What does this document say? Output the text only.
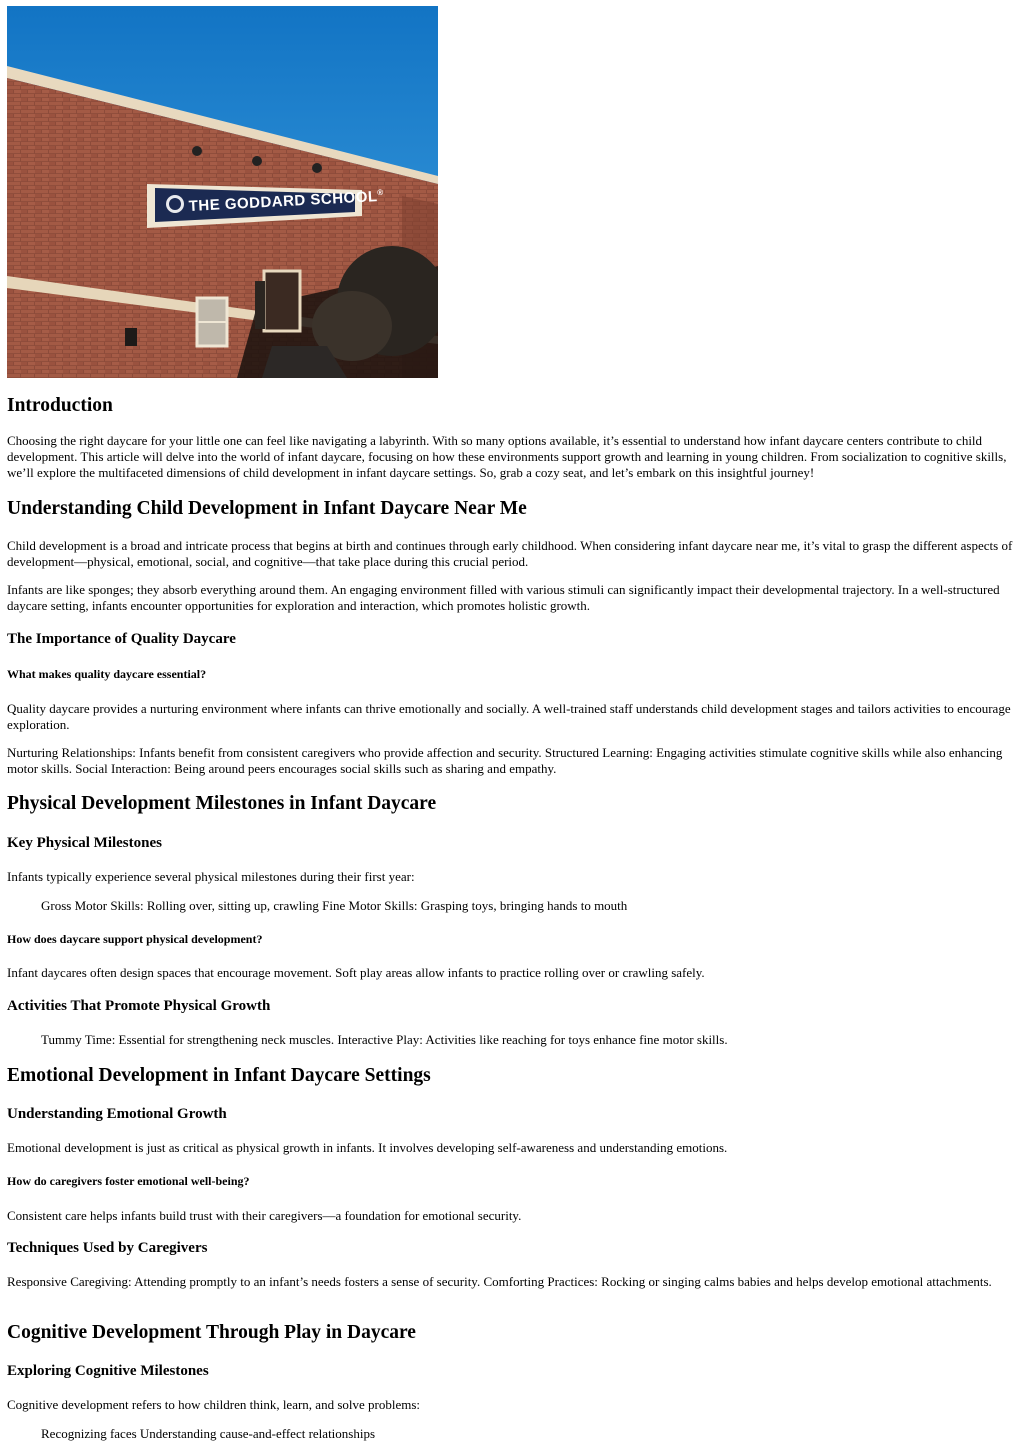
THE GODDARD SCHOOL®
Introduction

Choosing the right daycare for your little one can feel like navigating a labyrinth. With so many options available, it’s essential to understand how infant daycare centers contribute to child development. This article will delve into the world of infant daycare, focusing on how these environments support growth and learning in young children. From socialization to cognitive skills, we’ll explore the multifaceted dimensions of child development in infant daycare settings. So, grab a cozy seat, and let’s embark on this insightful journey!

Understanding Child Development in Infant Daycare Near Me

Child development is a broad and intricate process that begins at birth and continues through early childhood. When considering infant daycare near me, it’s vital to grasp the different aspects of development—physical, emotional, social, and cognitive—that take place during this crucial period.

Infants are like sponges; they absorb everything around them. An engaging environment filled with various stimuli can significantly impact their developmental trajectory. In a well-structured daycare setting, infants encounter opportunities for exploration and interaction, which promotes holistic growth.

The Importance of Quality Daycare
What makes quality daycare essential?

Quality daycare provides a nurturing environment where infants can thrive emotionally and socially. A well-trained staff understands child development stages and tailors activities to encourage exploration.

Nurturing Relationships: Infants benefit from consistent caregivers who provide affection and security. Structured Learning: Engaging activities stimulate cognitive skills while also enhancing motor skills. Social Interaction: Being around peers encourages social skills such as sharing and empathy.

Physical Development Milestones in Infant Daycare
Key Physical Milestones

Infants typically experience several physical milestones during their first year:

Gross Motor Skills: Rolling over, sitting up, crawling Fine Motor Skills: Grasping toys, bringing hands to mouth

How does daycare support physical development?

Infant daycares often design spaces that encourage movement. Soft play areas allow infants to practice rolling over or crawling safely.

Activities That Promote Physical Growth

Tummy Time: Essential for strengthening neck muscles. Interactive Play: Activities like reaching for toys enhance fine motor skills.

Emotional Development in Infant Daycare Settings
Understanding Emotional Growth

Emotional development is just as critical as physical growth in infants. It involves developing self-awareness and understanding emotions.

How do caregivers foster emotional well-being?

Consistent care helps infants build trust with their caregivers—a foundation for emotional security.

Techniques Used by Caregivers

Responsive Caregiving: Attending promptly to an infant’s needs fosters a sense of security. Comforting Practices: Rocking or singing calms babies and helps develop emotional attachments.

Cognitive Development Through Play in Daycare
Exploring Cognitive Milestones

Cognitive development refers to how children think, learn, and solve problems:

Recognizing faces Understanding cause-and-effect relationships
